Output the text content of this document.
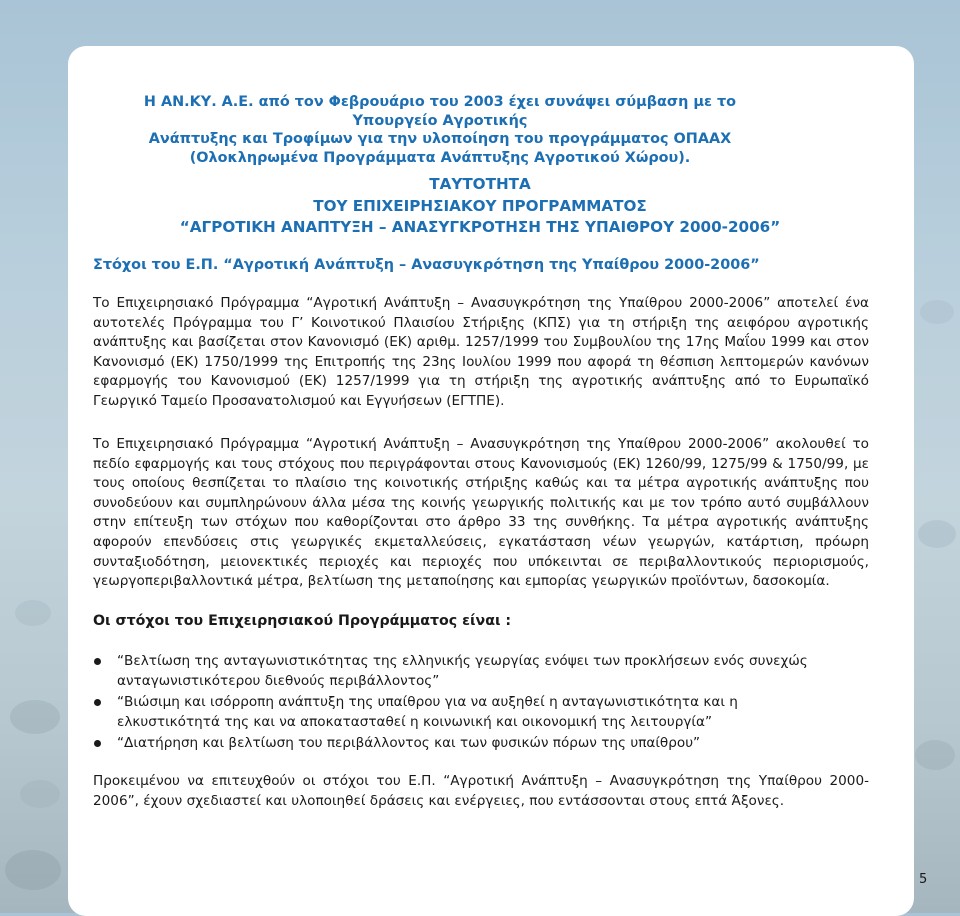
Η ΑΝ.ΚΥ. Α.Ε. από τον Φεβρουάριο του 2003 έχει συνάψει σύμβαση με το Υπουργείο Αγροτικής
Ανάπτυξης και Τροφίμων για την υλοποίηση του προγράμματος ΟΠΑΑΧ
(Ολοκληρωμένα Προγράμματα Ανάπτυξης Αγροτικού Χώρου).
ΤΑΥΤΟΤΗΤΑ
ΤΟΥ ΕΠΙΧΕΙΡΗΣΙΑΚΟΥ ΠΡΟΓΡΑΜΜΑΤΟΣ
“ΑΓΡΟΤΙΚΗ ΑΝΑΠΤΥΞΗ – ΑΝΑΣΥΓΚΡΟΤΗΣΗ ΤΗΣ ΥΠΑΙΘΡΟΥ 2000-2006”

Στόχοι του Ε.Π. “Αγροτική Ανάπτυξη – Ανασυγκρότηση της Υπαίθρου 2000-2006”

Το Επιχειρησιακό Πρόγραμμα “Αγροτική Ανάπτυξη – Ανασυγκρότηση της Υπαίθρου 2000-2006” αποτελεί ένα αυτοτελές Πρόγραμμα του Γ’ Κοινοτικού Πλαισίου Στήριξης (ΚΠΣ) για τη στήριξη της αειφόρου αγροτικής ανάπτυξης και βασίζεται στον Κανονισμό (ΕΚ) αριθμ. 1257/1999 του Συμβουλίου της 17ης Μαΐου 1999 και στον Κανονισμό (ΕΚ) 1750/1999 της Επιτροπής της 23ης Ιουλίου 1999 που αφορά τη θέσπιση λεπτομερών κανόνων εφαρμογής του Κανονισμού (ΕΚ) 1257/1999 για τη στήριξη της αγροτικής ανάπτυξης από το Ευρωπαϊκό Γεωργικό Ταμείο Προσανατολισμού και Εγγυήσεων (ΕΓΤΠΕ).

Το Επιχειρησιακό Πρόγραμμα “Αγροτική Ανάπτυξη – Ανασυγκρότηση της Υπαίθρου 2000-2006” ακολουθεί το πεδίο εφαρμογής και τους στόχους που περιγράφονται στους Κανονισμούς (ΕΚ) 1260/99, 1275/99 & 1750/99, με τους οποίους θεσπίζεται το πλαίσιο της κοινοτικής στήριξης καθώς και τα μέτρα αγροτικής ανάπτυξης που συνοδεύουν και συμπληρώνουν άλλα μέσα της κοινής γεωργικής πολιτικής και με τον τρόπο αυτό συμβάλλουν στην επίτευξη των στόχων που καθορίζονται στο άρθρο 33 της συνθήκης. Τα μέτρα αγροτικής ανάπτυξης αφορούν επενδύσεις στις γεωργικές εκμεταλλεύσεις, εγκατάσταση νέων γεωργών, κατάρτιση, πρόωρη συνταξιοδότηση, μειονεκτικές περιοχές και περιοχές που υπόκεινται σε περιβαλλοντικούς περιορισμούς, γεωργοπεριβαλλοντικά μέτρα, βελτίωση της μεταποίησης και εμπορίας γεωργικών προϊόντων, δασοκομία.

Οι στόχοι του Επιχειρησιακού Προγράμματος είναι :

“Βελτίωση της ανταγωνιστικότητας της ελληνικής γεωργίας ενόψει των προκλήσεων ενός συνεχώς ανταγωνιστικότερου διεθνούς περιβάλλοντος”
“Βιώσιμη και ισόρροπη ανάπτυξη της υπαίθρου για να αυξηθεί η ανταγωνιστικότητα και η ελκυστικότητά της και να αποκατασταθεί η κοινωνική και οικονομική της λειτουργία”
“Διατήρηση και βελτίωση του περιβάλλοντος και των φυσικών πόρων της υπαίθρου”

Προκειμένου να επιτευχθούν οι στόχοι του Ε.Π. “Αγροτική Ανάπτυξη – Ανασυγκρότηση της Υπαίθρου 2000-2006”, έχουν σχεδιαστεί και υλοποιηθεί δράσεις και ενέργειες, που εντάσσονται στους επτά Άξονες.

5
